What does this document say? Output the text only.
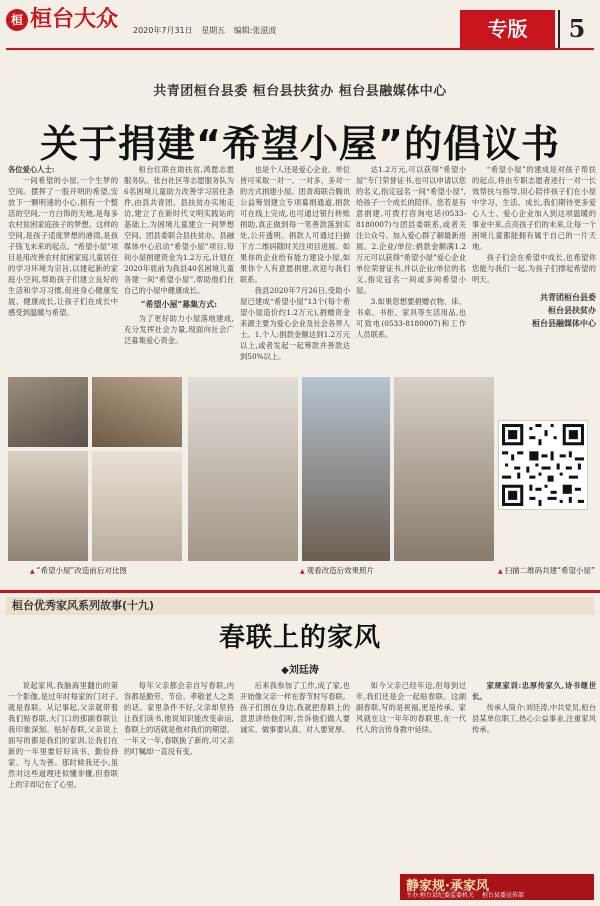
桓 桓台大众	2020年7月31日 星期五 编辑:张滋波	专版	5
共青团桓台县委 桓台县扶贫办 桓台县融媒体中心
关于捐建“希望小屋”的倡议书

各位爱心人士:

一间希望的小屋,一个生梦的空间。摆挥了一股开明的希望,安放下一颗明速的小心,拥有一个整活的空间,一方白饰的天地,是每多农村贫困家庭孩子的梦想。这样的空间,是孩子适度梦想的港湾,是孩子钱飞未来的起点。“希望小屋”项目是用改善农村贫困家庭儿童居住的学习环境为宗旨,以建起新的家庭小空间,帮助孩子们建立良好的生活和学习习惯,促进身心健康发展、健康成长,让孩子们在成长中感受到温暖与希望。

桓台红联在助扶贫,鸿愿志愿服务队、张台社区等志愿服务队为6名困境儿童助力改善学习居住条件,由县共青团、县扶贫办实地走访,建立了在新时代文明实践站的基础上,为困境儿童建立一间梦想空间。团县委联合县扶贫办、县融媒体中心启动“希望小屋”项目,每间小屋捐建资金为1.2万元,计划在2020年底前为我县40名困境儿童各建一间“希望小屋”,帮助他们在自己的小屋中健康成长。

“希望小屋”募集方式:

为了更好助力小屋落地建成,充分发挥社会力量,现面向社会广泛募集爱心资金。

也是个人还是爱心企业、单位皆可采取一对一、一对多、多对一的方式捐建小屋。团青海联合腾讯公益筹划建立专项募捐通道,捐款可在线上完成,也可通过银行转账捐助,真正做到每一笔善款落到实处,公开透明。捐款人可通过扫描下方二维码随时关注项目进展。如果你的企业给有能力建设小屋,如果你个人有意愿捐建,欢迎与我们联系。

我县2020年7月26日,受助小屋已建成“希望小屋”13个(每个希望小屋造价约1.2万元),捐赠资金来源主要为爱心企业及社会各界人士。1.个人:捐款金额达到1.2万元以上,或者发起一起筹款并善款达到50%以上。

达1.2万元,可以获得“希望小屋”专门荣誉证书,也可以申请以您的名义,指定冠名一间“希望小屋”,给孩子一个成长的陪伴。您若是有意捐建,可拨打咨询电话(0533-8180007)与团县委联系,或者关注公众号、加入爱心群了解最新进展。2.企业/单位:捐款金额满1.2万元可以获得“希望小屋”爱心企业单位荣誉证书,并以企业/单位的名义,指定冠名一间或多间希望小屋。

3.如果您想要捐赠衣物、床、书桌、书柜、家具等生活用品,也可致电(0533-8180007)和工作人员联系。

“希望小屋”的建成是对孩子帮扶的起点,将由专职志愿者进行一对一长效帮扶与指导,用心陪伴孩子们在小屋中学习、生活、成长,我们期待更多爱心人士、爱心企业加入到这项温暖的事业中来,点亮孩子们的未来,让每一个困境儿童都能拥有属于自己的一片天地。

孩子们会在希望中成长,也希望你您能与我们一起,为孩子们撑起希望的明天。

共青团桓台县委

桓台县扶贫办

桓台县融媒体中心

▲ “希望小屋”改造前后对比图	▲ 观看改造后效果照片	▲ 扫描二维码共建“希望小屋”
桓台优秀家风系列故事(十九)
春联上的家风
◆ 刘廷涛

说起家风,我脑海里翻出的第一个影像,是过年时每家的门对子,就是春联。从记事起,父亲就带着我们贴春联,大门口的那副春联让我印象深刻。贴好春联,父亲说上面写的都是我们的家训,让我们在新的一年里要好好读书、勤俭持家、与人为善。那时候我还小,虽然对这些道理还似懂非懂,但春联上的字却记在了心里。

每年父亲都会亲自写春联,内容都是勤劳、节俭、孝敬老人之类的话。家里条件不好,父亲却坚持让我们读书,他说知识能改变命运,春联上的话就是他对我们的期望。一年又一年,春联换了新的,可父亲的叮嘱却一直没有变。

后来我参加了工作,成了家,也开始像父亲一样在春节时写春联。孩子们围在身边,我就把春联上的意思讲给他们听,告诉他们做人要诚实、做事要认真、对人要宽厚。

如今父亲已经年迈,但每到过年,我们还是会一起贴春联。这副副春联,写的是祝福,更是传承。家风就在这一年年的春联里,在一代代人的言传身教中延续。

家规家训:忠厚传家久,诗书继世长。

传承人简介:刘廷涛,中共党员,桓台县某单位职工,热心公益事业,注重家风传承。

静家规·承家风
主办:桓台县纪委监委机关 桓台县委宣传部
